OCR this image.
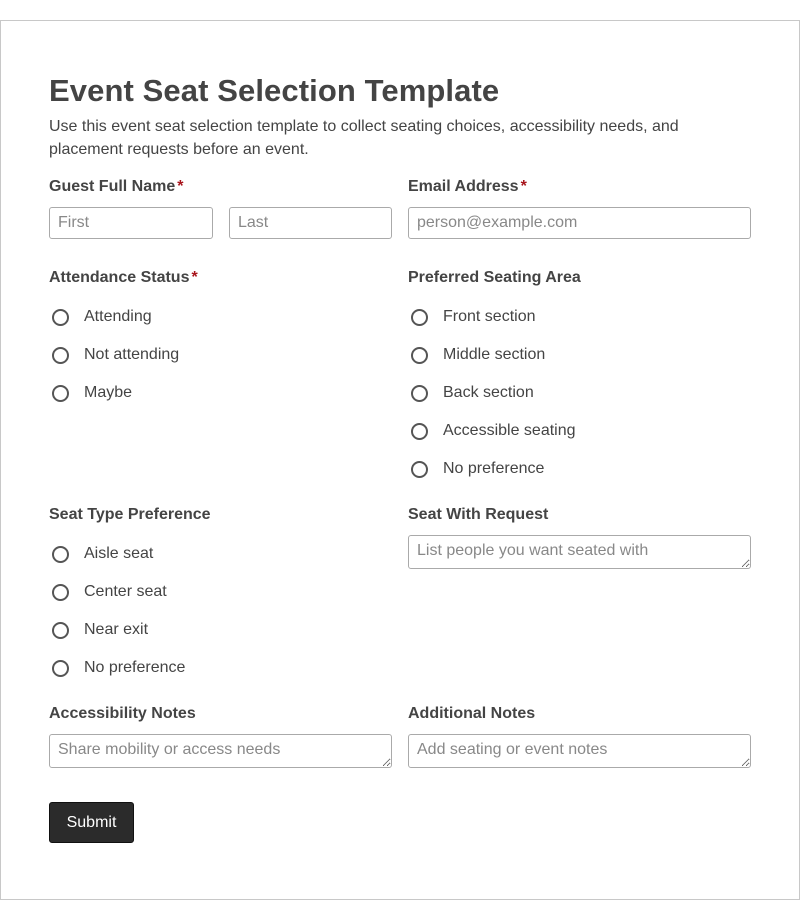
Event Seat Selection Template
Use this event seat selection template to collect seating choices, accessibility needs, and placement requests before an event.
Guest Full Name *
First
Last	Email Address *
person@example.com
Attendance Status *
Attending
Not attending
Maybe
Preferred Seating Area
Front section
Middle section
Back section
Accessible seating
No preference
Seat Type Preference
Aisle seat
Center seat
Near exit
No preference
Seat With Request
List people you want seated with
Accessibility Notes
Share mobility or access needs	Additional Notes
Add seating or event notes
Submit
